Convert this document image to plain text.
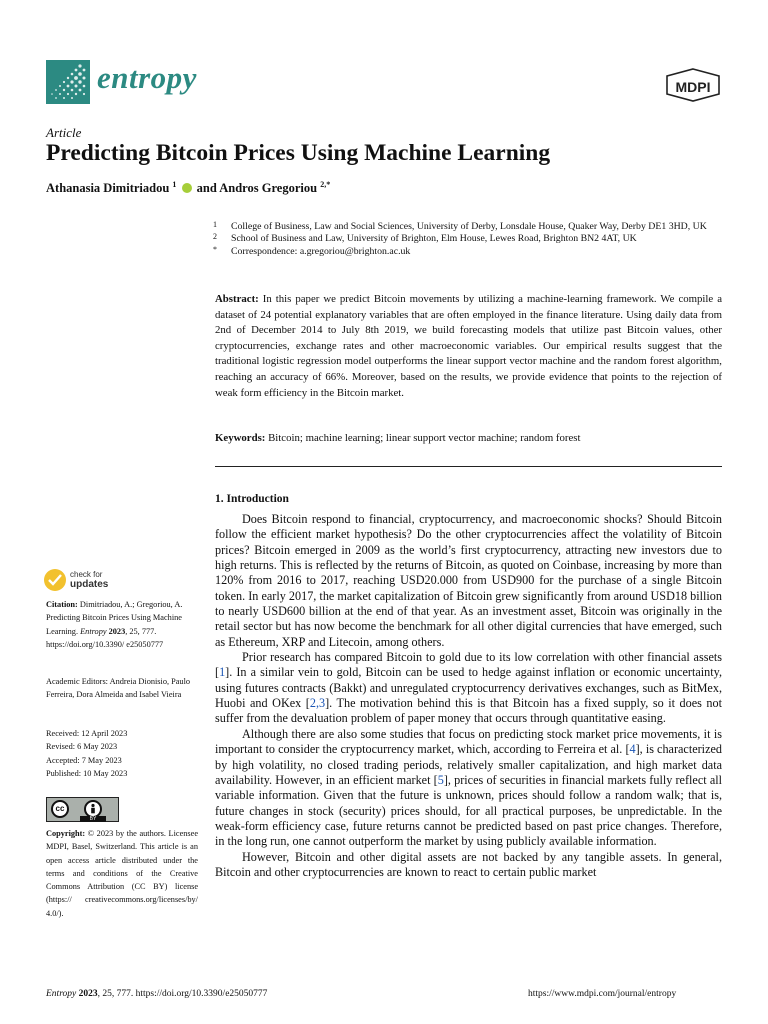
entropy	MDPI
Article
Predicting Bitcoin Prices Using Machine Learning
Athanasia Dimitriadou $^1$ and Andros Gregoriou $^{2,*}$
1 College of Business, Law and Social Sciences, University of Derby, Lonsdale House, Quaker Way, Derby DE1 3HD, UK
2 School of Business and Law, University of Brighton, Elm House, Lewes Road, Brighton BN2 4AT, UK
* Correspondence: a.gregoriou@brighton.ac.uk
Abstract: In this paper we predict Bitcoin movements by utilizing a machine-learning framework. We compile a dataset of 24 potential explanatory variables that are often employed in the finance literature. Using daily data from 2nd of December 2014 to July 8th 2019, we build forecasting models that utilize past Bitcoin values, other cryptocurrencies, exchange rates and other macroeconomic variables. Our empirical results suggest that the traditional logistic regression model outperforms the linear support vector machine and the random forest algorithm, reaching an accuracy of 66%. Moreover, based on the results, we provide evidence that points to the rejection of weak form efficiency in the Bitcoin market.
Keywords: Bitcoin; machine learning; linear support vector machine; random forest
1. Introduction

Does Bitcoin respond to financial, cryptocurrency, and macroeconomic shocks? Should Bitcoin follow the efficient market hypothesis? Do the other cryptocurrencies affect the volatility of Bitcoin prices? Bitcoin emerged in 2009 as the world’s first cryptocurrency, attracting new investors due to high returns. This is reflected by the returns of Bitcoin, as quoted on Coinbase, increasing by more than 120% from 2016 to 2017, reaching USD20.000 from USD900 for the purchase of a single Bitcoin token. In early 2017, the market capitalization of Bitcoin grew significantly from around USD18 billion to nearly USD600 billion at the end of that year. As an investment asset, Bitcoin was originally in the retail sector but has now become the benchmark for all other digital currencies that have emerged, such as Ethereum, XRP and Litecoin, among others.

Prior research has compared Bitcoin to gold due to its low correlation with other financial assets [1]. In a similar vein to gold, Bitcoin can be used to hedge against inflation or economic uncertainty, using futures contracts (Bakkt) and unregulated cryptocurrency derivatives exchanges, such as BitMex, Huobi and OKex [2,3]. The motivation behind this is that Bitcoin has a fixed supply, so it does not suffer from the devaluation problem of paper money that occurs through quantitative easing.

Although there are also some studies that focus on predicting stock market price movements, it is important to consider the cryptocurrency market, which, according to Ferreira et al. [4], is characterized by high volatility, no closed trading periods, relatively smaller capitalization, and high market data availability. However, in an efficient market [5], prices of securities in financial markets fully reflect all variable information. Given that the future is unknown, prices should follow a random walk; that is, future changes in stock (security) prices should, for all practical purposes, be unpredictable. In the weak-form efficiency case, future returns cannot be predicted based on past price changes. Therefore, in the long run, one cannot outperform the market by using publicly available information.

However, Bitcoin and other digital assets are not backed by any tangible assets. In general, Bitcoin and other cryptocurrencies are known to react to certain public market

check for
updates
Citation: Dimitriadou, A.; Gregoriou, A. Predicting Bitcoin Prices Using Machine Learning. Entropy 2023, 25, 777. https://doi.org/10.3390/ e25050777
Academic Editors: Andreia Dionisio, Paulo Ferreira, Dora Almeida and Isabel Vieira
Received: 12 April 2023
Revised: 6 May 2023
Accepted: 7 May 2023
Published: 10 May 2023
cc
BY
Copyright: © 2023 by the authors. Licensee MDPI, Basel, Switzerland. This article is an open access article distributed under the terms and conditions of the Creative Commons Attribution (CC BY) license (https:// creativecommons.org/licenses/by/ 4.0/).
Entropy 2023, 25, 777. https://doi.org/10.3390/e25050777	https://www.mdpi.com/journal/entropy
